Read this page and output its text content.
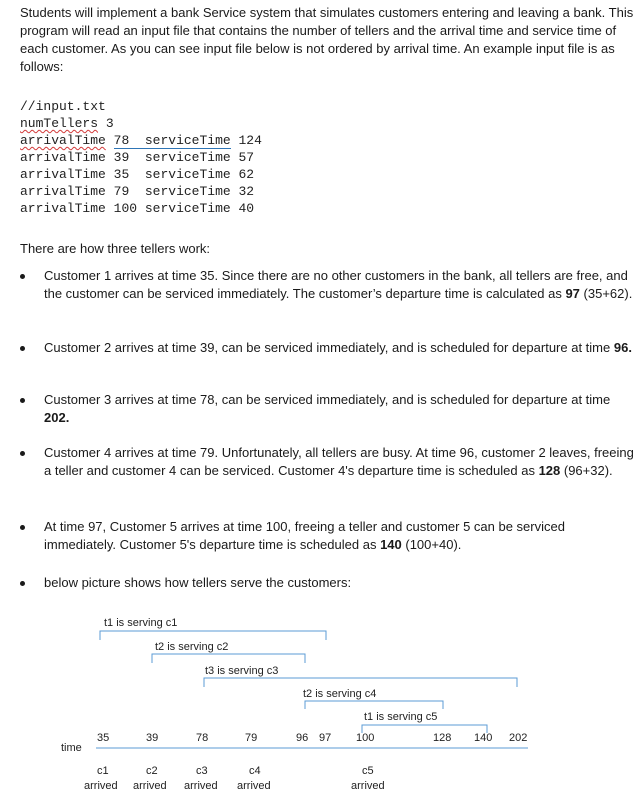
Students will implement a bank Service system that simulates customers entering and leaving a bank. This program will read an input file that contains the number of tellers and the arrival time and service time of each customer. As you can see input file below is not ordered by arrival time. An example input file is as follows:
//input.txt
numTellers 3
arrivalTime 78 serviceTime 124
arrivalTime 39 serviceTime 57
arrivalTime 35 serviceTime 62
arrivalTime 79 serviceTime 32
arrivalTime 100 serviceTime 40
There are how three tellers work:
Customer 1 arrives at time 35. Since there are no other customers in the bank, all tellers are free, and the customer can be serviced immediately. The customer’s departure time is calculated as 97 (35+62).
Customer 2 arrives at time 39, can be serviced immediately, and is scheduled for departure at time 96.
Customer 3 arrives at time 78, can be serviced immediately, and is scheduled for departure at time 202.
Customer 4 arrives at time 79. Unfortunately, all tellers are busy. At time 96, customer 2 leaves, freeing a teller and customer 4 can be serviced. Customer 4's departure time is scheduled as 128 (96+32).
At time 97, Customer 5 arrives at time 100, freeing a teller and customer 5 can be serviced immediately. Customer 5's departure time is scheduled as 140 (100+40).
below picture shows how tellers serve the customers:
t1 is serving c1
t2 is serving c2
t3 is serving c3
t2 is serving c4
t1 is serving c5
35	39	78	79	96 97 100	128 140 202
time
c1
arrived
c2
arrived
c3
arrived
c4
arrived
c5
arrived
